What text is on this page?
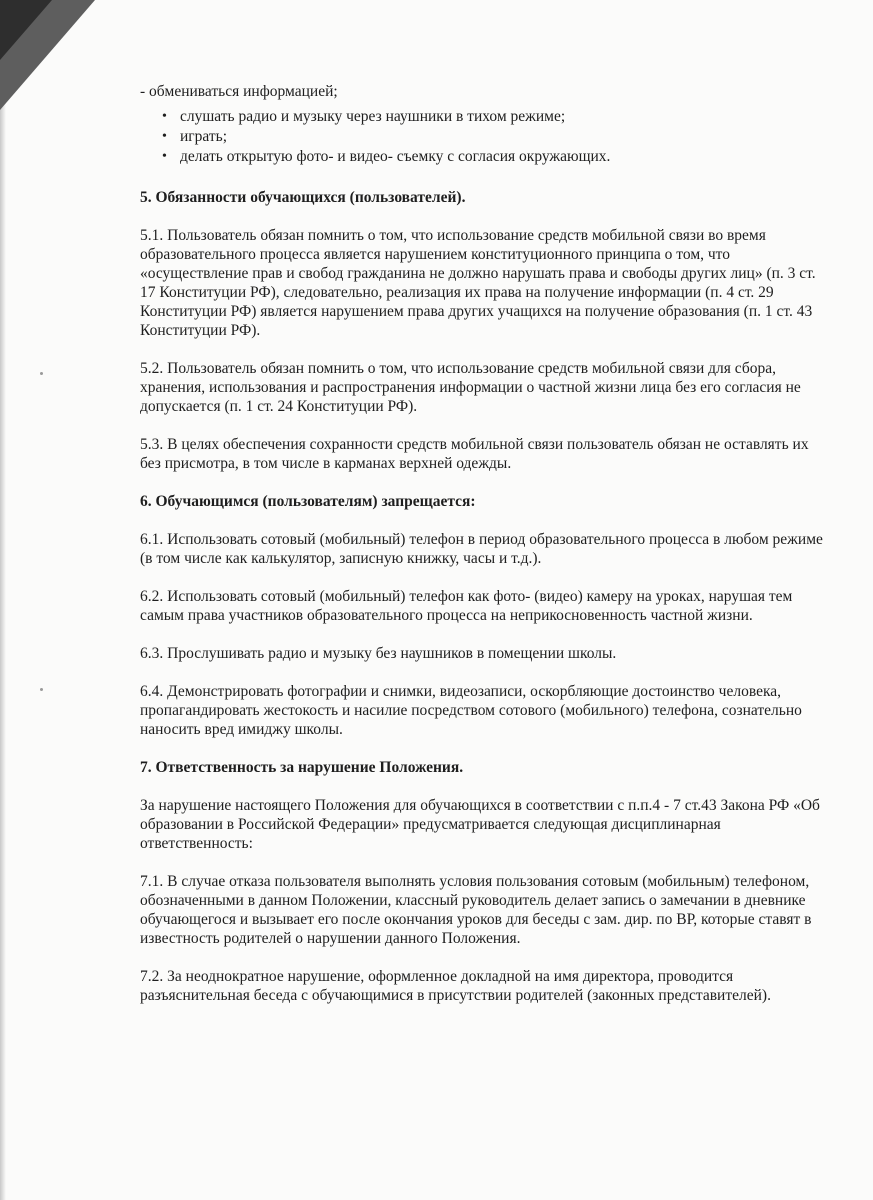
- обмениваться информацией;

• слушать радио и музыку через наушники в тихом режиме;
• играть;
• делать открытую фото- и видео- съемку с согласия окружающих.

5. Обязанности обучающихся (пользователей).

5.1. Пользователь обязан помнить о том, что использование средств мобильной связи во время образовательного процесса является нарушением конституционного принципа о том, что «осуществление прав и свобод гражданина не должно нарушать права и свободы других лиц» (п. 3 ст. 17 Конституции РФ), следовательно, реализация их права на получение информации (п. 4 ст. 29 Конституции РФ) является нарушением права других учащихся на получение образования (п. 1 ст. 43 Конституции РФ).

5.2. Пользователь обязан помнить о том, что использование средств мобильной связи для сбора, хранения, использования и распространения информации о частной жизни лица без его согласия не допускается (п. 1 ст. 24 Конституции РФ).

5.3. В целях обеспечения сохранности средств мобильной связи пользователь обязан не оставлять их без присмотра, в том числе в карманах верхней одежды.

6. Обучающимся (пользователям) запрещается:

6.1. Использовать сотовый (мобильный) телефон в период образовательного процесса в любом режиме (в том числе как калькулятор, записную книжку, часы и т.д.).

6.2. Использовать сотовый (мобильный) телефон как фото- (видео) камеру на уроках, нарушая тем самым права участников образовательного процесса на неприкосновенность частной жизни.

6.3. Прослушивать радио и музыку без наушников в помещении школы.

6.4. Демонстрировать фотографии и снимки, видеозаписи, оскорбляющие достоинство человека, пропагандировать жестокость и насилие посредством сотового (мобильного) телефона, сознательно наносить вред имиджу школы.

7. Ответственность за нарушение Положения.

За нарушение настоящего Положения для обучающихся в соответствии с п.п.4 - 7 ст.43 Закона РФ «Об образовании в Российской Федерации» предусматривается следующая дисциплинарная ответственность:

7.1. В случае отказа пользователя выполнять условия пользования сотовым (мобильным) телефоном, обозначенными в данном Положении, классный руководитель делает запись о замечании в дневнике обучающегося и вызывает его после окончания уроков для беседы с зам. дир. по ВР, которые ставят в известность родителей о нарушении данного Положения.

7.2. За неоднократное нарушение, оформленное докладной на имя директора, проводится разъяснительная беседа с обучающимися в присутствии родителей (законных представителей).
